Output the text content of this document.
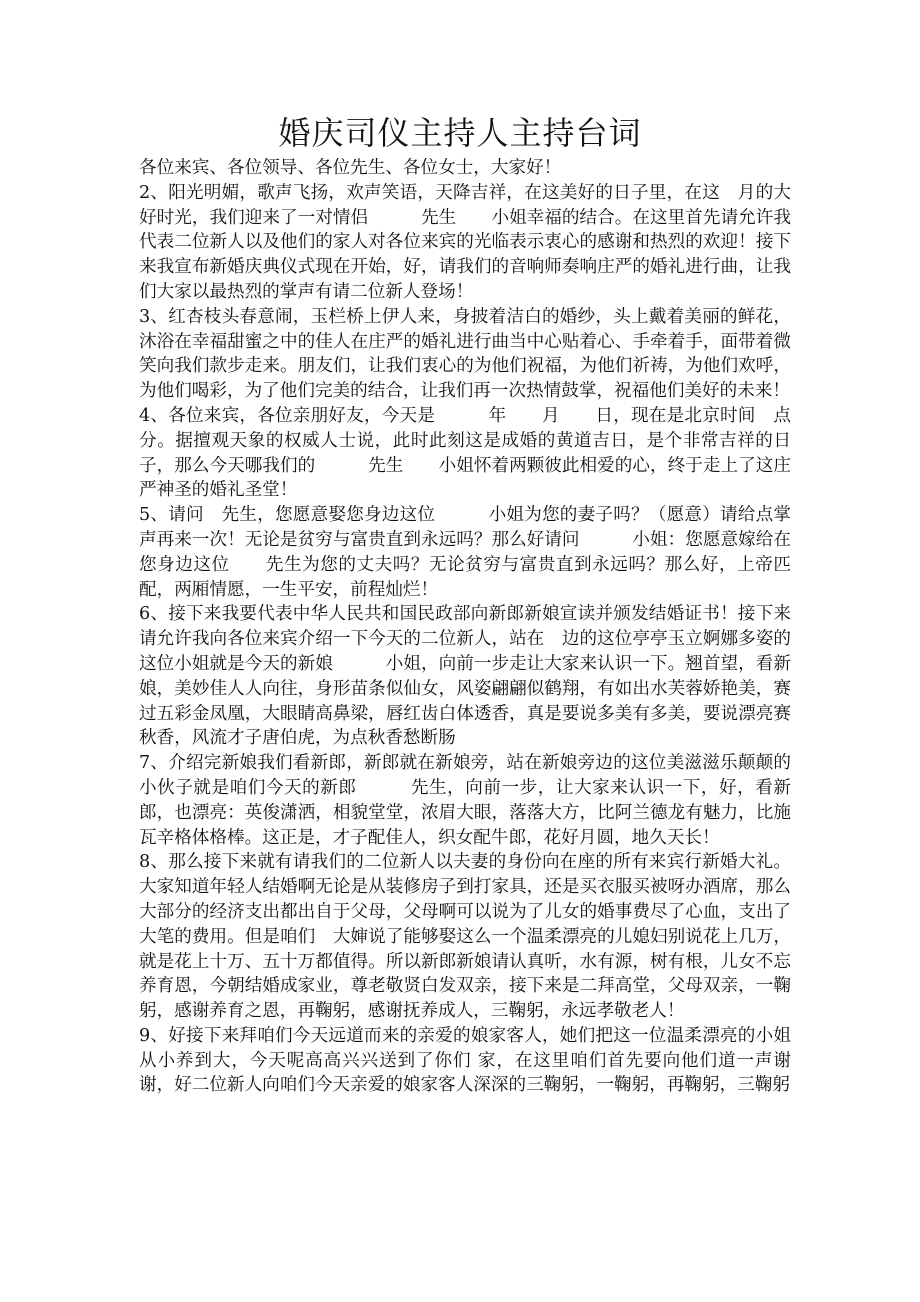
婚庆司仪主持人主持台词

各位来宾、各位领导、各位先生、各位女士，大家好！

2、阳光明媚，歌声飞扬，欢声笑语，天降吉祥，在这美好的日子里，在这　月的大好时光，我们迎来了一对情侣　　　先生　　小姐幸福的结合。在这里首先请允许我代表二位新人以及他们的家人对各位来宾的光临表示衷心的感谢和热烈的欢迎！接下来我宣布新婚庆典仪式现在开始，好，请我们的音响师奏响庄严的婚礼进行曲，让我们大家以最热烈的掌声有请二位新人登场！

3、红杏枝头春意闹，玉栏桥上伊人来，身披着洁白的婚纱，头上戴着美丽的鲜花，沐浴在幸福甜蜜之中的佳人在庄严的婚礼进行曲当中心贴着心、手牵着手，面带着微笑向我们款步走来。朋友们，让我们衷心的为他们祝福，为他们祈祷，为他们欢呼，为他们喝彩，为了他们完美的结合，让我们再一次热情鼓掌，祝福他们美好的未来！

4、各位来宾，各位亲朋好友，今天是　　　年　　月　　日，现在是北京时间　点分。据擅观天象的权威人士说，此时此刻这是成婚的黄道吉日，是个非常吉祥的日子，那么今天哪我们的　　　先生　　小姐怀着两颗彼此相爱的心，终于走上了这庄严神圣的婚礼圣堂！

5、请问　先生，您愿意娶您身边这位　　　小姐为您的妻子吗？（愿意）请给点掌声再来一次！无论是贫穷与富贵直到永远吗？那么好请问　　　小姐：您愿意嫁给在您身边这位　　先生为您的丈夫吗？无论贫穷与富贵直到永远吗？那么好，上帝匹配，两厢情愿，一生平安，前程灿烂！

6、接下来我要代表中华人民共和国民政部向新郎新娘宣读并颁发结婚证书！接下来请允许我向各位来宾介绍一下今天的二位新人，站在　边的这位亭亭玉立婀娜多姿的这位小姐就是今天的新娘　　　小姐，向前一步走让大家来认识一下。翘首望，看新娘，美妙佳人人向往，身形苗条似仙女，风姿翩翩似鹤翔，有如出水芙蓉娇艳美，赛过五彩金凤凰，大眼睛高鼻梁，唇红齿白体透香，真是要说多美有多美，要说漂亮赛秋香，风流才子唐伯虎，为点秋香愁断肠

7、介绍完新娘我们看新郎，新郎就在新娘旁，站在新娘旁边的这位美滋滋乐颠颠的小伙子就是咱们今天的新郎　　　先生，向前一步，让大家来认识一下，好，看新郎，也漂亮：英俊潇洒，相貌堂堂，浓眉大眼，落落大方，比阿兰德龙有魅力，比施瓦辛格体格棒。这正是，才子配佳人，织女配牛郎，花好月圆，地久天长！

8、那么接下来就有请我们的二位新人以夫妻的身份向在座的所有来宾行新婚大礼。大家知道年轻人结婚啊无论是从装修房子到打家具，还是买衣服买被呀办酒席，那么大部分的经济支出都出自于父母，父母啊可以说为了儿女的婚事费尽了心血，支出了大笔的费用。但是咱们　大婶说了能够娶这么一个温柔漂亮的儿媳妇别说花上几万，就是花上十万、五十万都值得。所以新郎新娘请认真听，水有源，树有根，儿女不忘养育恩，今朝结婚成家业，尊老敬贤白发双亲，接下来是二拜高堂，父母双亲，一鞠躬，感谢养育之恩，再鞠躬，感谢抚养成人，三鞠躬，永远孝敬老人！

9、好接下来拜咱们今天远道而来的亲爱的娘家客人，她们把这一位温柔漂亮的小姐从小养到大，今天呢高高兴兴送到了你们 家，在这里咱们首先要向他们道一声谢谢，好二位新人向咱们今天亲爱的娘家客人深深的三鞠躬，一鞠躬，再鞠躬，三鞠躬
